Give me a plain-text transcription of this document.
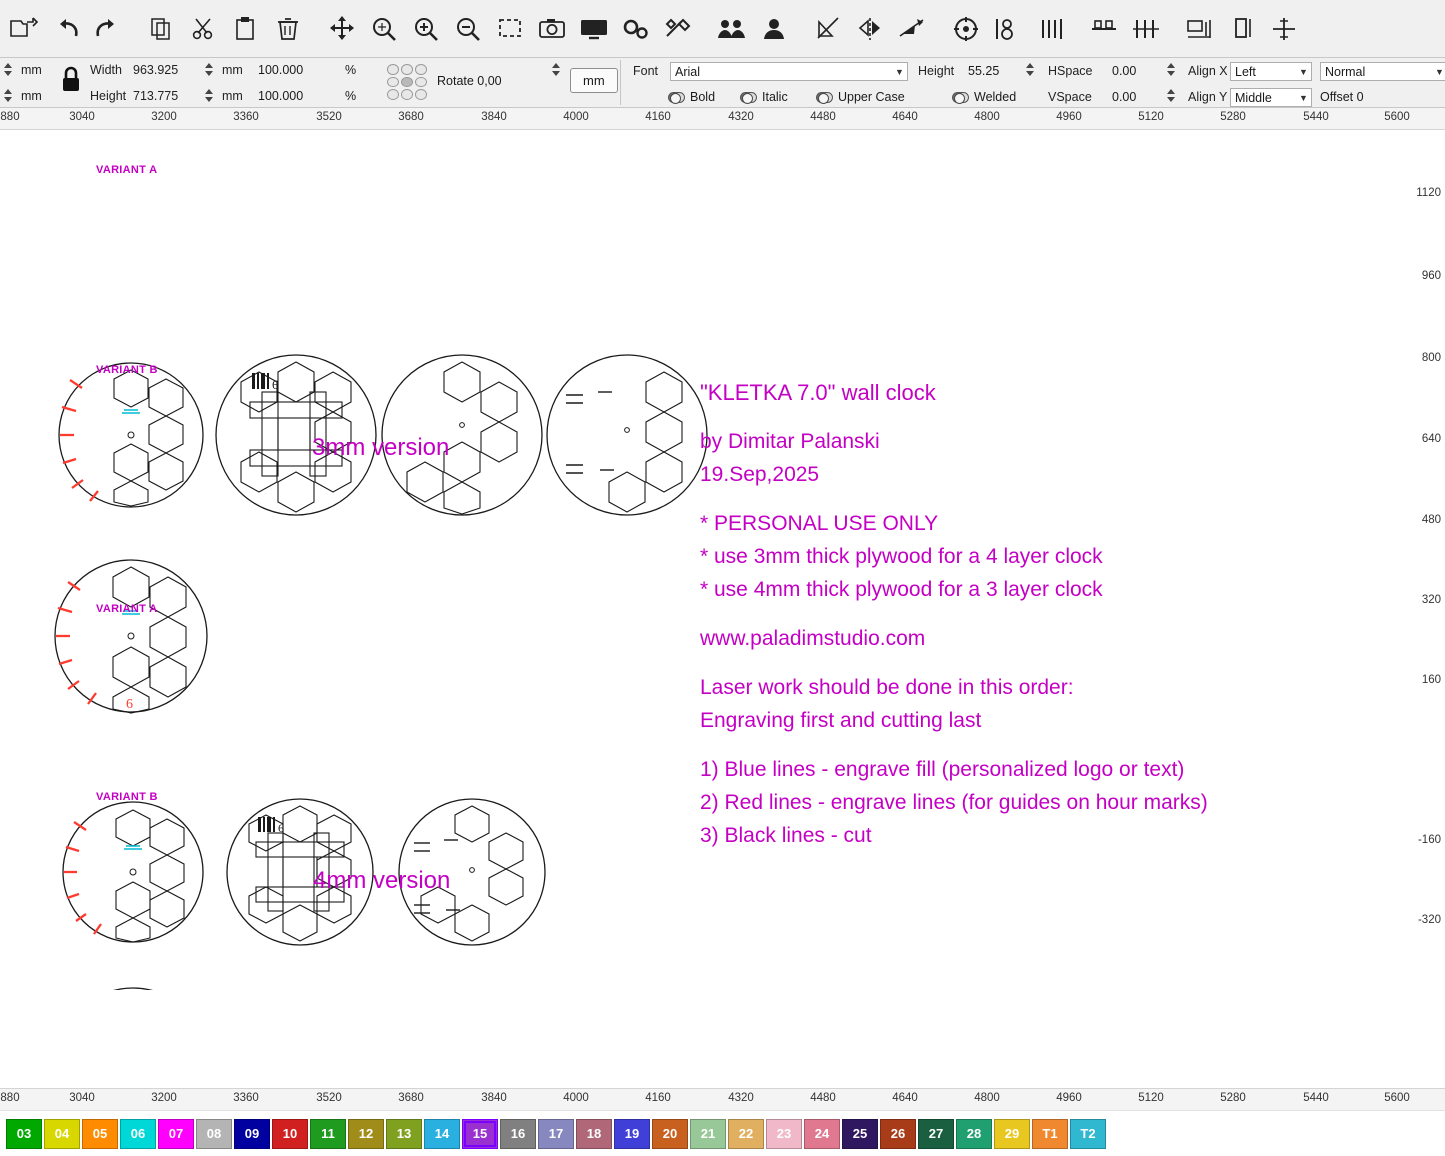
mm
mm
Width 963.925
Height 713.775
mm
mm
100.000
100.000
%
%
Rotate 0,00	mm
Font	Arial	▼ Height 55.25	HSpace 0.00
VSpace 0.00
Align X Left	▼
Align Y Middle	▼
Normal	▼
Offset 0
Bold	Italic	Upper Case	Welded
880	3040	3200	3360	3520	3680	3840	4000	4160	4320	4480	4640	4800	4960	5120	5280	5440	5600
6
6
6
VARIANT A
VARIANT B
VARIANT A
VARIANT B
3mm version
4mm version
"KLETKA 7.0" wall clock
by Dimitar Palanski
19.Sep,2025
* PERSONAL USE ONLY
* use 3mm thick plywood for a 4 layer clock
* use 4mm thick plywood for a 3 layer clock
www.paladimstudio.com
Laser work should be done in this order:
Engraving first and cutting last
1) Blue lines - engrave fill (personalized logo or text)
2) Red lines - engrave lines (for guides on hour marks)
3) Black lines - cut
1120
960
800
640
480
320
160
-160
-320
880	3040	3200	3360	3520	3680	3840	4000	4160	4320	4480	4640	4800	4960	5120	5280	5440	5600
03	04	05	06	07	08	09	10	11	12	13	14	15	16	17	18	19	20	21	22	23	24	25	26	27	28	29	T1	T2
